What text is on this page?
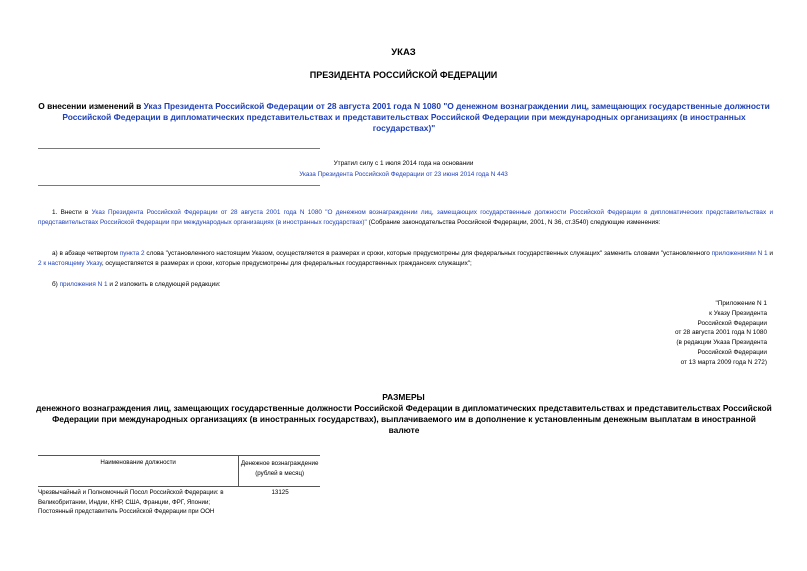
УКАЗ
ПРЕЗИДЕНТА РОССИЙСКОЙ ФЕДЕРАЦИИ
О внесении изменений в Указ Президента Российской Федерации от 28 августа 2001 года N 1080 "О денежном вознаграждении лиц, замещающих государственные должности Российской Федерации в дипломатических представительствах и представительствах Российской Федерации при международных организациях (в иностранных государствах)"
Утратил силу с 1 июля 2014 года на основании
Указа Президента Российской Федерации от 23 июня 2014 года N 443
1. Внести в Указ Президента Российской Федерации от 28 августа 2001 года N 1080 "О денежном вознаграждении лиц, замещающих государственные должности Российской Федерации в дипломатических представительствах и представительствах Российской Федерации при международных организациях (в иностранных государствах)" (Собрание законодательства Российской Федерации, 2001, N 36, ст.3540) следующие изменения:
а) в абзаце четвертом пункта 2 слова "установленного настоящим Указом, осуществляется в размерах и сроки, которые предусмотрены для федеральных государственных служащих" заменить словами "установленного приложениями N 1 и 2 к настоящему Указу, осуществляется в размерах и сроки, которые предусмотрены для федеральных государственных гражданских служащих";
б) приложения N 1 и 2 изложить в следующей редакции:
"Приложение N 1
к Указу Президента
Российской Федерации
от 28 августа 2001 года N 1080
(в редакции Указа Президента
Российской Федерации
от 13 марта 2009 года N 272)
РАЗМЕРЫ
денежного вознаграждения лиц, замещающих государственные должности Российской Федерации в дипломатических представительствах и представительствах Российской Федерации при международных организациях (в иностранных государствах), выплачиваемого им в дополнение к установленным денежным выплатам в иностранной валюте
Наименование должности	Денежное вознаграждение (рублей в месяц)
Чрезвычайный и Полномочный Посол Российской Федерации: в Великобритании, Индии, КНР, США, Франции, ФРГ, Японии; Постоянный представитель Российской Федерации при ООН
13125
